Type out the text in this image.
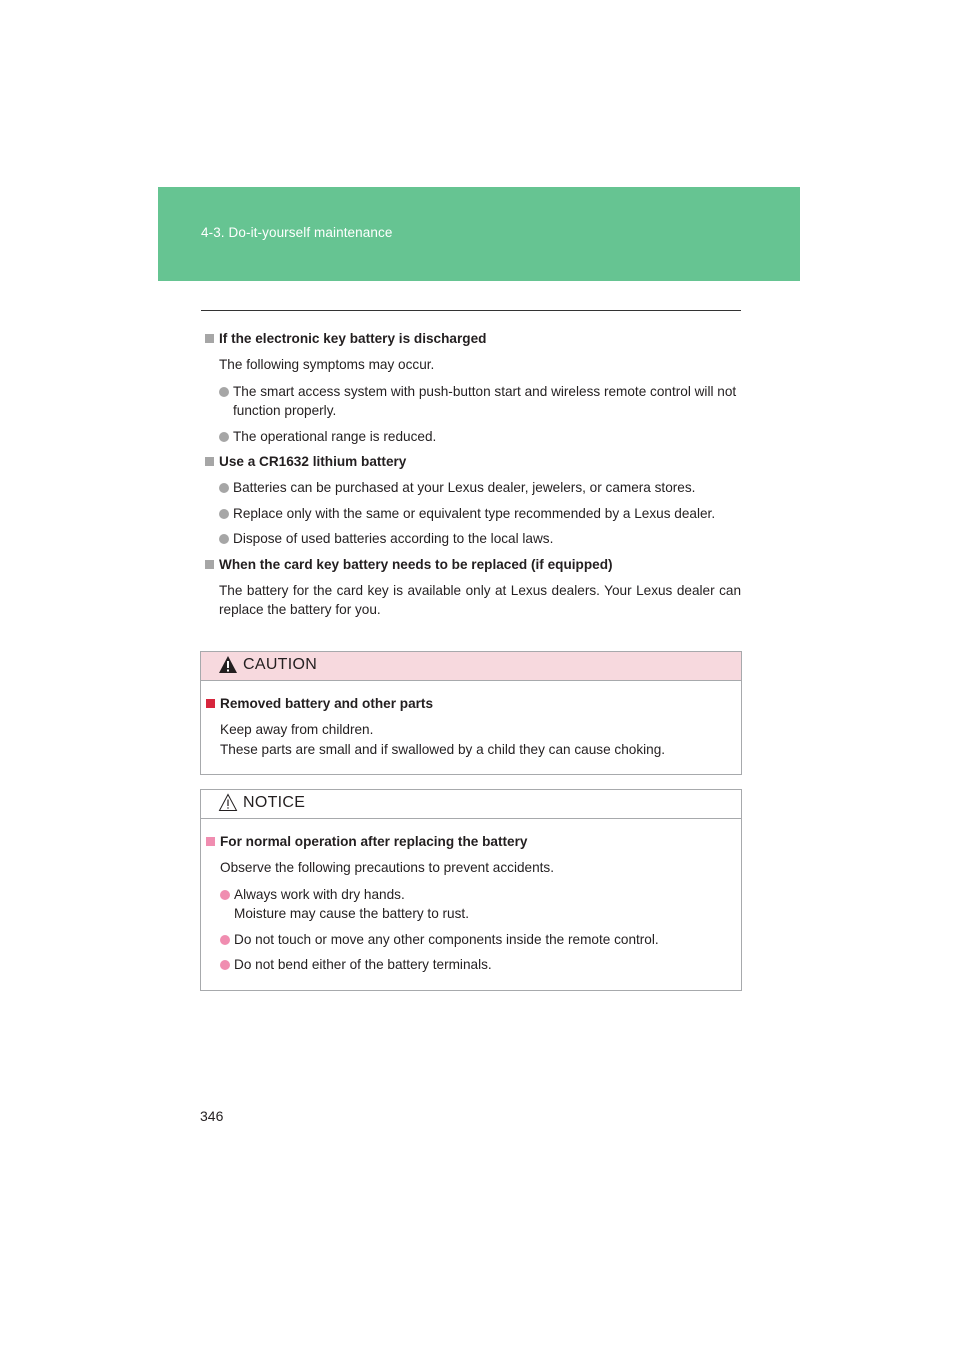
4-3. Do-it-yourself maintenance
If the electronic key battery is discharged
The following symptoms may occur.
The smart access system with push-button start and wireless remote control will not function properly.
The operational range is reduced.
Use a CR1632 lithium battery
Batteries can be purchased at your Lexus dealer, jewelers, or camera stores.
Replace only with the same or equivalent type recommended by a Lexus dealer.
Dispose of used batteries according to the local laws.
When the card key battery needs to be replaced (if equipped)
The battery for the card key is available only at Lexus dealers. Your Lexus dealer can replace the battery for you.
CAUTION
Removed battery and other parts
Keep away from children.
These parts are small and if swallowed by a child they can cause choking.
NOTICE
For normal operation after replacing the battery
Observe the following precautions to prevent accidents.
Always work with dry hands.
Moisture may cause the battery to rust.
Do not touch or move any other components inside the remote control.
Do not bend either of the battery terminals.
346
